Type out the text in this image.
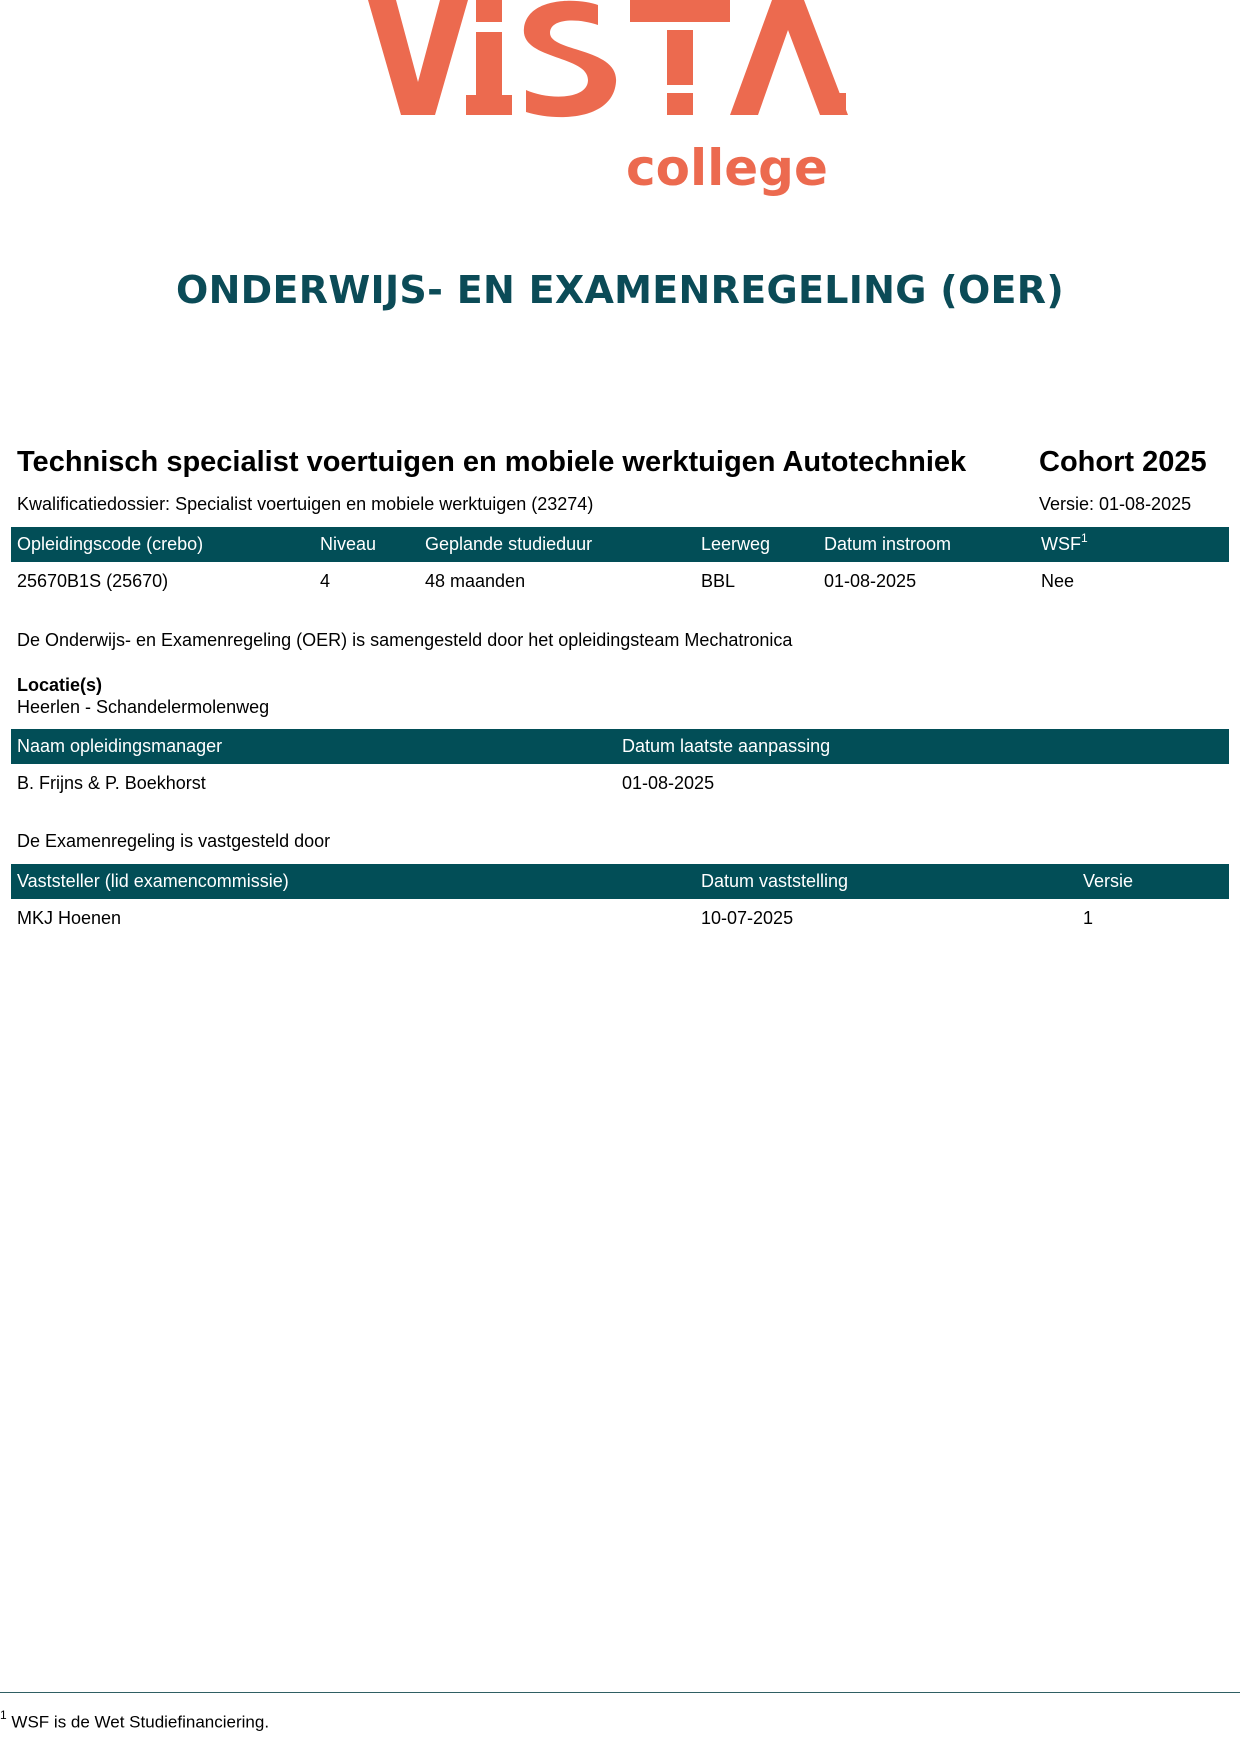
college
ONDERWIJS- EN EXAMENREGELING (OER)
Technisch specialist voertuigen en mobiele werktuigen Autotechniek	Cohort 2025
Kwalificatiedossier: Specialist voertuigen en mobiele werktuigen (23274)	Versie: 01-08-2025
Opleidingscode (crebo)	Niveau	Geplande studieduur	Leerweg	Datum instroom	WSF$^1$
25670B1S (25670)	4	48 maanden	BBL	01-08-2025	Nee
De Onderwijs- en Examenregeling (OER) is samengesteld door het opleidingsteam Mechatronica
Locatie(s)
Heerlen - Schandelermolenweg
Naam opleidingsmanager	Datum laatste aanpassing
B. Frijns & P. Boekhorst	01-08-2025
De Examenregeling is vastgesteld door
Vaststeller (lid examencommissie)	Datum vaststelling	Versie
MKJ Hoenen	10-07-2025	1
$^1$ WSF is de Wet Studiefinanciering.
